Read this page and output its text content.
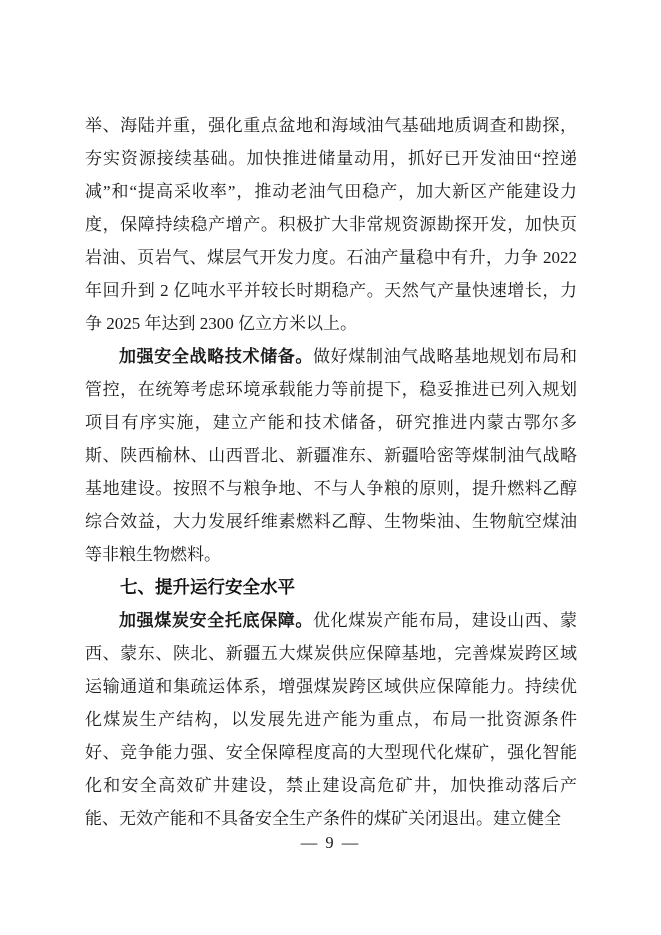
举、海陆并重，强化重点盆地和海域油气基础地质调查和勘探，夯实资源接续基础。加快推进储量动用，抓好已开发油田“控递减”和“提高采收率”，推动老油气田稳产，加大新区产能建设力度，保障持续稳产增产。积极扩大非常规资源勘探开发，加快页岩油、页岩气、煤层气开发力度。石油产量稳中有升，力争 2022 年回升到 2 亿吨水平并较长时期稳产。天然气产量快速增长，力争 2025 年达到 2300 亿立方米以上。

加强安全战略技术储备。做好煤制油气战略基地规划布局和管控，在统筹考虑环境承载能力等前提下，稳妥推进已列入规划项目有序实施，建立产能和技术储备，研究推进内蒙古鄂尔多斯、陕西榆林、山西晋北、新疆准东、新疆哈密等煤制油气战略基地建设。按照不与粮争地、不与人争粮的原则，提升燃料乙醇综合效益，大力发展纤维素燃料乙醇、生物柴油、生物航空煤油等非粮生物燃料。

七、提升运行安全水平

加强煤炭安全托底保障。优化煤炭产能布局，建设山西、蒙西、蒙东、陕北、新疆五大煤炭供应保障基地，完善煤炭跨区域运输通道和集疏运体系，增强煤炭跨区域供应保障能力。持续优化煤炭生产结构，以发展先进产能为重点，布局一批资源条件好、竞争能力强、安全保障程度高的大型现代化煤矿，强化智能化和安全高效矿井建设，禁止建设高危矿井，加快推动落后产能、无效产能和不具备安全生产条件的煤矿关闭退出。建立健全

— 9 —
